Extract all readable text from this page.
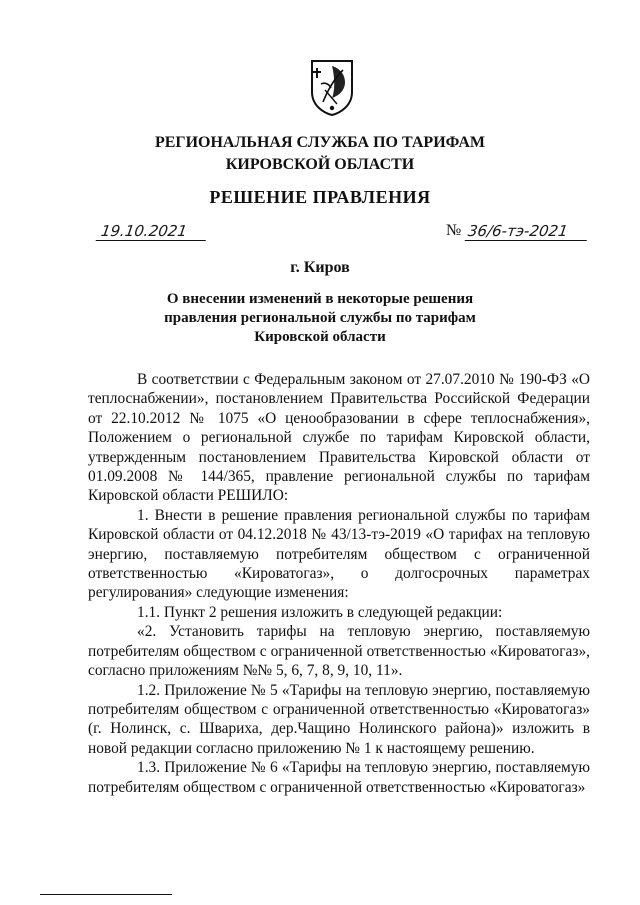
РЕГИОНАЛЬНАЯ СЛУЖБА ПО ТАРИФАМ
КИРОВСКОЙ ОБЛАСТИ
РЕШЕНИЕ ПРАВЛЕНИЯ
19.10.2021	№ 36/6-тэ-2021
г. Киров
О внесении изменений в некоторые решения
правления региональной службы по тарифам
Кировской области

В соответствии с Федеральным законом от 27.07.2010 № 190-ФЗ «О теплоснабжении», постановлением Правительства Российской Федерации от 22.10.2012 № 1075 «О ценообразовании в сфере теплоснабжения», Положением о региональной службе по тарифам Кировской области, утвержденным постановлением Правительства Кировской области от 01.09.2008 № 144/365, правление региональной службы по тарифам Кировской области РЕШИЛО:

1. Внести в решение правления региональной службы по тарифам Кировской области от 04.12.2018 № 43/13-тэ-2019 «О тарифах на тепловую энергию, поставляемую потребителям обществом с ограниченной ответственностью «Кироватогаз», о долгосрочных параметрах регулирования» следующие изменения:

1.1. Пункт 2 решения изложить в следующей редакции:

«2. Установить тарифы на тепловую энергию, поставляемую потребителям обществом с ограниченной ответственностью «Кироватогаз», согласно приложениям №№ 5, 6, 7, 8, 9, 10, 11».

1.2. Приложение № 5 «Тарифы на тепловую энергию, поставляемую потребителям обществом с ограниченной ответственностью «Кироватогаз» (г. Нолинск, с. Швариха, дер.Чащино Нолинского района)» изложить в новой редакции согласно приложению № 1 к настоящему решению.

1.3. Приложение № 6 «Тарифы на тепловую энергию, поставляемую потребителям обществом с ограниченной ответственностью «Кироватогаз»
